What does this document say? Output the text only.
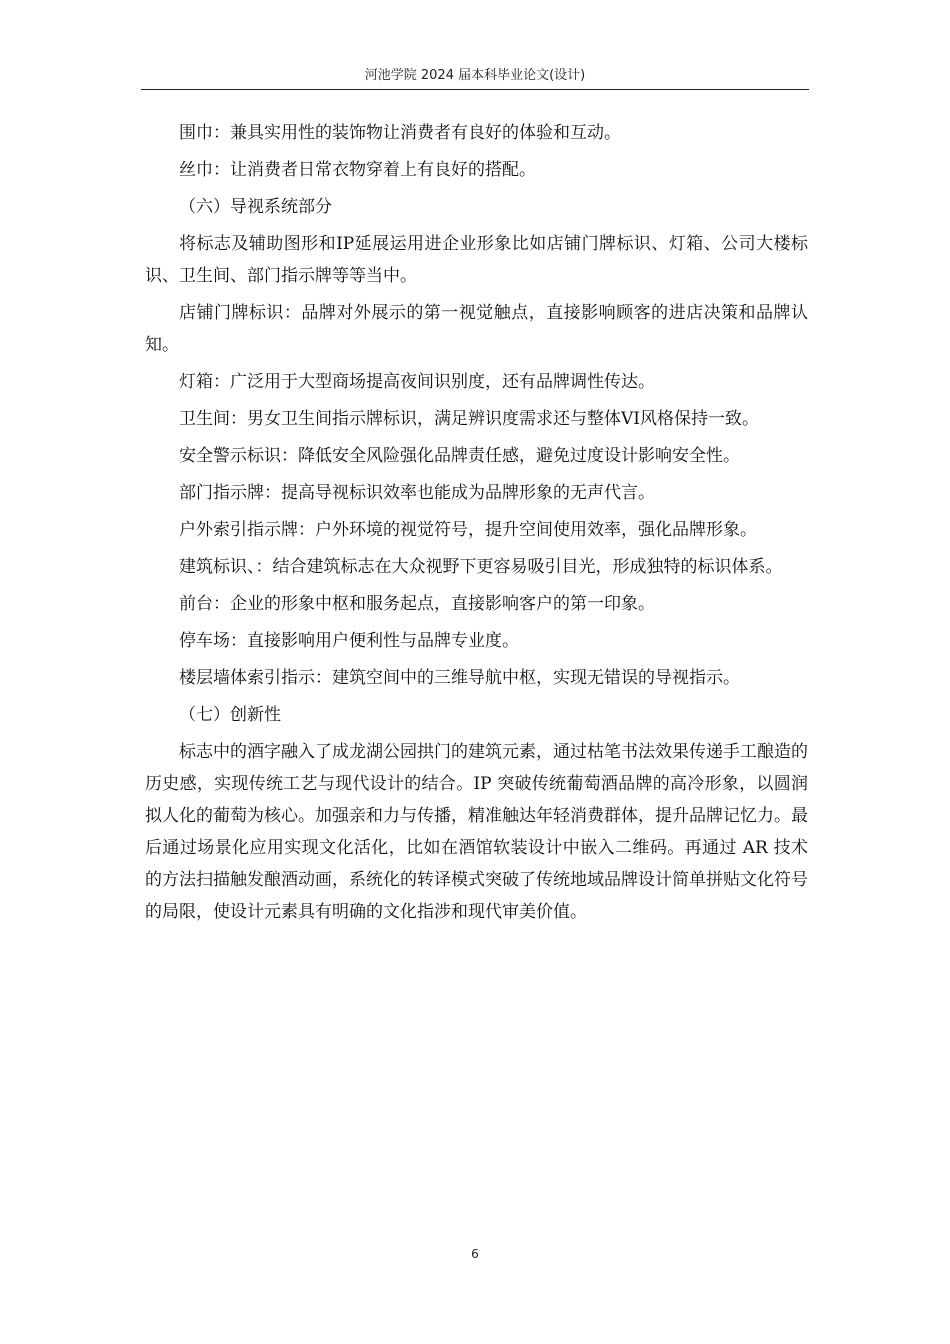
河池学院 2024 届本科毕业论文(设计)

围巾：兼具实用性的装饰物让消费者有良好的体验和互动。

丝巾：让消费者日常衣物穿着上有良好的搭配。

（六）导视系统部分

将标志及辅助图形和IP延展运用进企业形象比如店铺门牌标识、灯箱、公司大楼标识、卫生间、部门指示牌等等当中。

店铺门牌标识：品牌对外展示的第一视觉触点，直接影响顾客的进店决策和品牌认知。

灯箱：广泛用于大型商场提高夜间识别度，还有品牌调性传达。

卫生间：男女卫生间指示牌标识，满足辨识度需求还与整体VI风格保持一致。

安全警示标识：降低安全风险强化品牌责任感，避免过度设计影响安全性。

部门指示牌：提高导视标识效率也能成为品牌形象的无声代言。

户外索引指示牌：户外环境的视觉符号，提升空间使用效率，强化品牌形象。

建筑标识、：结合建筑标志在大众视野下更容易吸引目光，形成独特的标识体系。

前台：企业的形象中枢和服务起点，直接影响客户的第一印象。

停车场：直接影响用户便利性与品牌专业度。

楼层墙体索引指示：建筑空间中的三维导航中枢，实现无错误的导视指示。

（七）创新性

标志中的酒字融入了成龙湖公园拱门的建筑元素，通过枯笔书法效果传递手工酿造的历史感，实现传统工艺与现代设计的结合。IP 突破传统葡萄酒品牌的高冷形象，以圆润拟人化的葡萄为核心。加强亲和力与传播，精准触达年轻消费群体，提升品牌记忆力。最后通过场景化应用实现文化活化，比如在酒馆软装设计中嵌入二维码。再通过 AR 技术的方法扫描触发酿酒动画，系统化的转译模式突破了传统地域品牌设计简单拼贴文化符号的局限，使设计元素具有明确的文化指涉和现代审美价值。

6
